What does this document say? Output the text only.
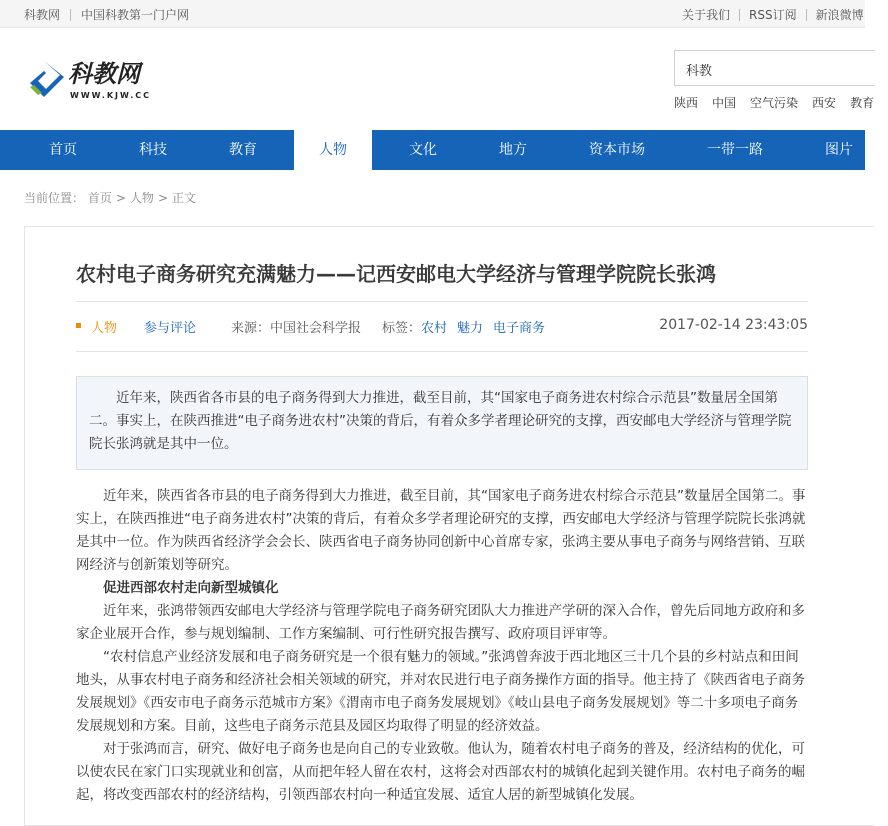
科教网 中国科教第一门户网	关于我们 RSS订阅 新浪微博
科教网
WWW.KJW.CC
科教
陕西 中国 空气污染 西安 教育
首页	科技	教育	人物	文化	地方	资本市场	一带一路	图片
当前位置： 首页 > 人物 > 正文
农村电子商务研究充满魅力——记西安邮电大学经济与管理学院院长张鸿
人物 参与评论	来源：中国社会科学报 标签：农村 魅力 电子商务	2017-02-14 23:43:05
近年来，陕西省各市县的电子商务得到大力推进，截至目前，其“国家电子商务进农村综合示范县”数量居全国第二。事实上，在陕西推进“电子商务进农村”决策的背后，有着众多学者理论研究的支撑，西安邮电大学经济与管理学院院长张鸿就是其中一位。

近年来，陕西省各市县的电子商务得到大力推进，截至目前，其“国家电子商务进农村综合示范县”数量居全国第二。事实上，在陕西推进“电子商务进农村”决策的背后，有着众多学者理论研究的支撑，西安邮电大学经济与管理学院院长张鸿就是其中一位。作为陕西省经济学会会长、陕西省电子商务协同创新中心首席专家，张鸿主要从事电子商务与网络营销、互联网经济与创新策划等研究。

促进西部农村走向新型城镇化

近年来，张鸿带领西安邮电大学经济与管理学院电子商务研究团队大力推进产学研的深入合作，曾先后同地方政府和多家企业展开合作，参与规划编制、工作方案编制、可行性研究报告撰写、政府项目评审等。

“农村信息产业经济发展和电子商务研究是一个很有魅力的领域。”张鸿曾奔波于西北地区三十几个县的乡村站点和田间地头，从事农村电子商务和经济社会相关领域的研究，并对农民进行电子商务操作方面的指导。他主持了《陕西省电子商务发展规划》《西安市电子商务示范城市方案》《渭南市电子商务发展规划》《岐山县电子商务发展规划》等二十多项电子商务发展规划和方案。目前，这些电子商务示范县及园区均取得了明显的经济效益。

对于张鸿而言，研究、做好电子商务也是向自己的专业致敬。他认为，随着农村电子商务的普及，经济结构的优化，可以使农民在家门口实现就业和创富，从而把年轻人留在农村，这将会对西部农村的城镇化起到关键作用。农村电子商务的崛起，将改变西部农村的经济结构，引领西部农村向一种适宜发展、适宜人居的新型城镇化发展。
